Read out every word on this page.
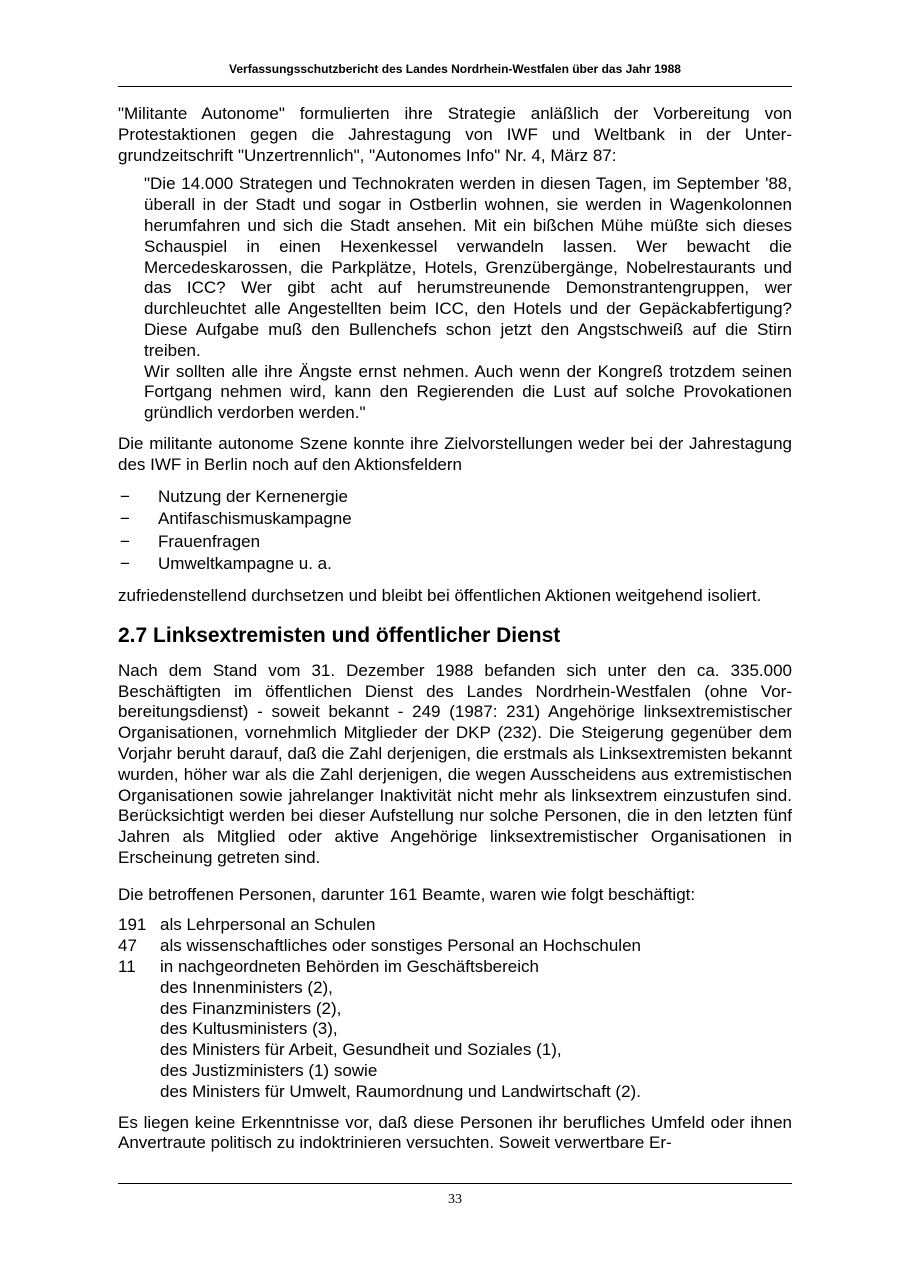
Verfassungsschutzbericht des Landes Nordrhein-Westfalen über das Jahr 1988

"Militante Autonome" formulierten ihre Strategie anläßlich der Vorbereitung von Protestaktionen gegen die Jahrestagung von IWF und Weltbank in der Untergrundzeitschrift "Unzertrennlich", "Autonomes Info" Nr. 4, März 87:

"Die 14.000 Strategen und Technokraten werden in diesen Tagen, im September '88, überall in der Stadt und sogar in Ostberlin wohnen, sie werden in Wagenkolonnen herumfahren und sich die Stadt ansehen. Mit ein bißchen Mühe müßte sich dieses Schauspiel in einen Hexenkessel verwandeln lassen. Wer bewacht die Mercedeskarossen, die Parkplätze, Hotels, Grenzübergänge, Nobelrestaurants und das ICC? Wer gibt acht auf herumstreunende Demonstrantengruppen, wer durchleuchtet alle Angestellten beim ICC, den Hotels und der Gepäckabfertigung? Diese Aufgabe muß den Bullenchefs schon jetzt den Angstschweiß auf die Stirn treiben.

Wir sollten alle ihre Ängste ernst nehmen. Auch wenn der Kongreß trotzdem seinen Fortgang nehmen wird, kann den Regierenden die Lust auf solche Provokationen gründlich verdorben werden."

Die militante autonome Szene konnte ihre Zielvorstellungen weder bei der Jahrestagung des IWF in Berlin noch auf den Aktionsfeldern

− Nutzung der Kernenergie
− Antifaschismuskampagne
− Frauenfragen
− Umweltkampagne u. a.

zufriedenstellend durchsetzen und bleibt bei öffentlichen Aktionen weitgehend isoliert.

2.7 Linksextremisten und öffentlicher Dienst

Nach dem Stand vom 31. Dezember 1988 befanden sich unter den ca. 335.000 Beschäftigten im öffentlichen Dienst des Landes Nordrhein-Westfalen (ohne Vorbereitungsdienst) - soweit bekannt - 249 (1987: 231) Angehörige linksextremistischer Organisationen, vornehmlich Mitglieder der DKP (232). Die Steigerung gegenüber dem Vorjahr beruht darauf, daß die Zahl derjenigen, die erstmals als Linksextremisten bekannt wurden, höher war als die Zahl derjenigen, die wegen Ausscheidens aus extremistischen Organisationen sowie jahrelanger Inaktivität nicht mehr als linksextrem einzustufen sind. Berücksichtigt werden bei dieser Aufstellung nur solche Personen, die in den letzten fünf Jahren als Mitglied oder aktive Angehörige linksextremistischer Organisationen in Erscheinung getreten sind.

Die betroffenen Personen, darunter 161 Beamte, waren wie folgt beschäftigt:

191 als Lehrpersonal an Schulen
47	als wissenschaftliches oder sonstiges Personal an Hochschulen
11	in nachgeordneten Behörden im Geschäftsbereich
des Innenministers (2),
des Finanzministers (2),
des Kultusministers (3),
des Ministers für Arbeit, Gesundheit und Soziales (1),
des Justizministers (1) sowie
des Ministers für Umwelt, Raumordnung und Landwirtschaft (2).

Es liegen keine Erkenntnisse vor, daß diese Personen ihr berufliches Umfeld oder ihnen Anvertraute politisch zu indoktrinieren versuchten. Soweit verwertbare Er-

33
